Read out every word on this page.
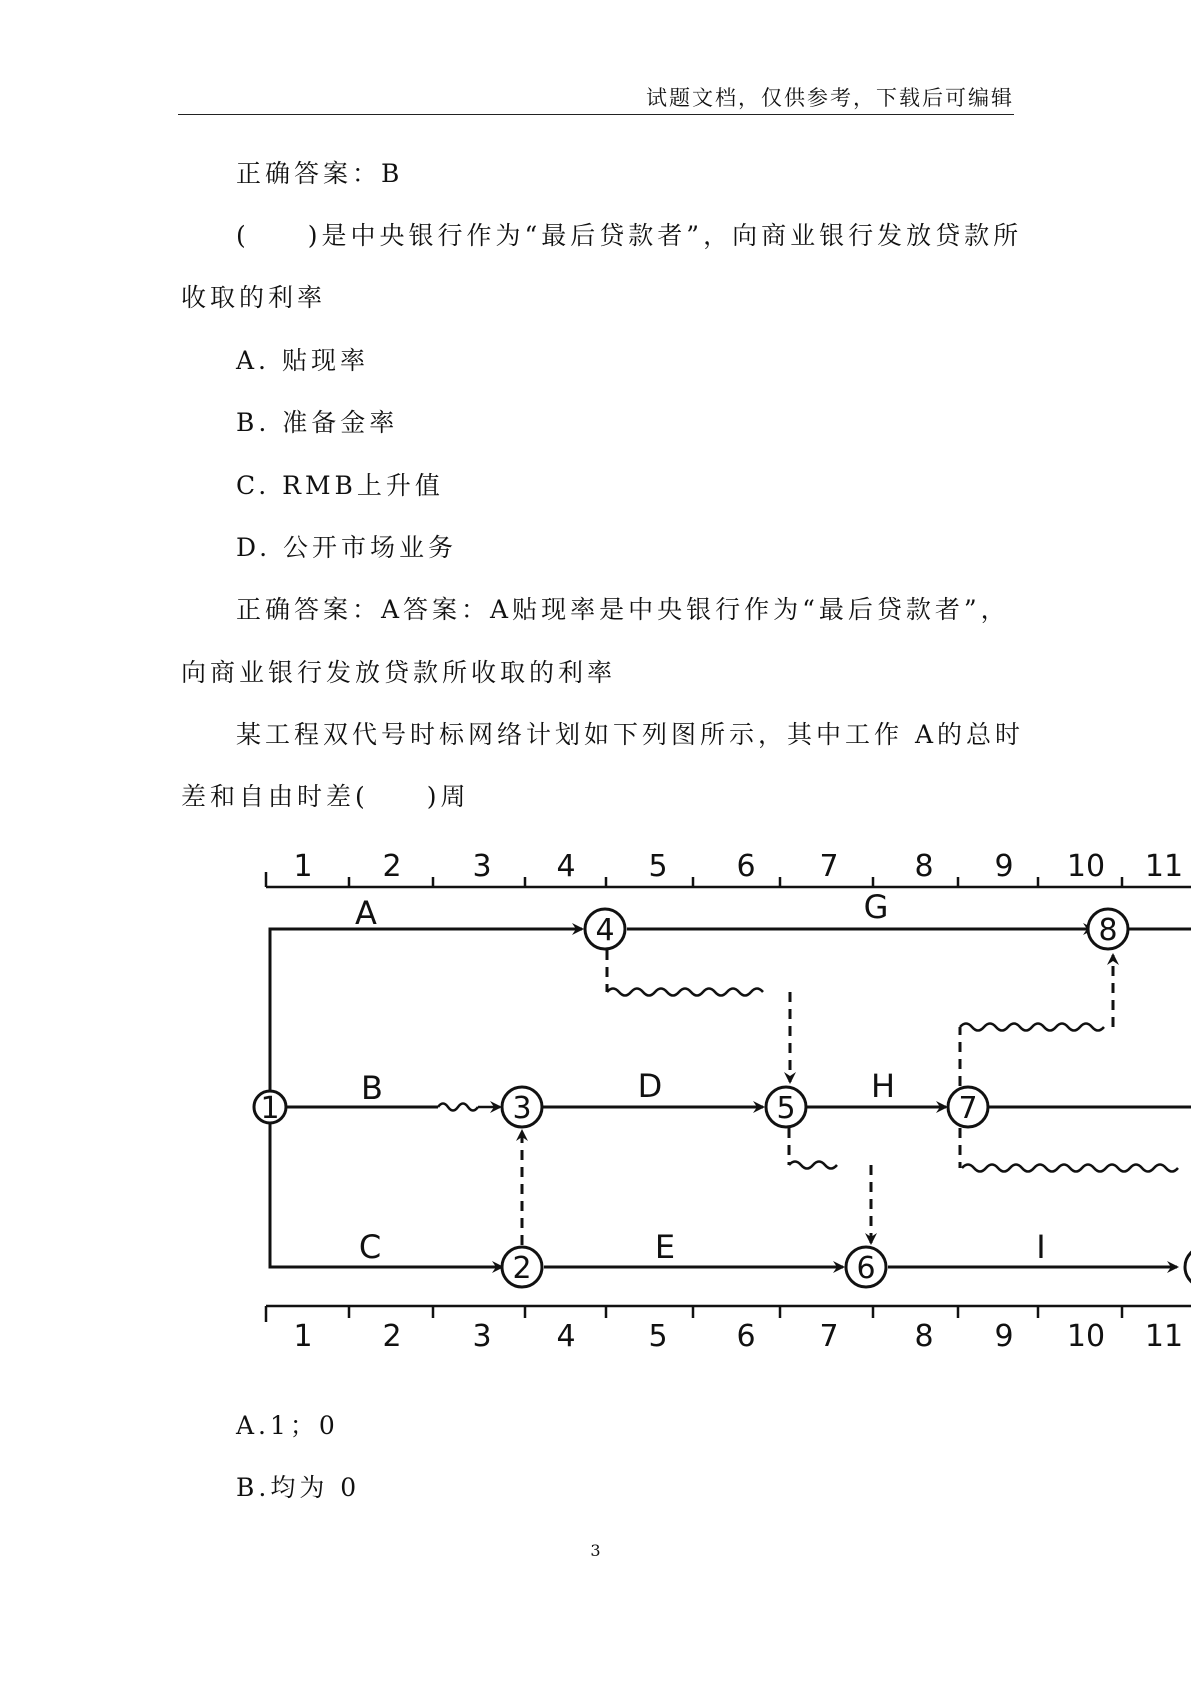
试题文档，仅供参考，下载后可编辑
正确答案：B
(　　)是中央银行作为“最后贷款者”，向商业银行发放贷款所
收取的利率
A. 贴现率
B. 准备金率
C. RMB上升值
D. 公开市场业务
正确答案：A答案：A贴现率是中央银行作为“最后贷款者”，
向商业银行发放贷款所收取的利率
某工程双代号时标网络计划如下列图所示，其中工作 A的总时
差和自由时差(　　)周
1 2 3 4 5 6 7	8 9 10 11
1 2 3 4 5 6 7	8 9 10 11
1
2
3
4
5
6
7
8
A
B
C
D
E
G
H
I
A.1；0
B.均为 0
3
